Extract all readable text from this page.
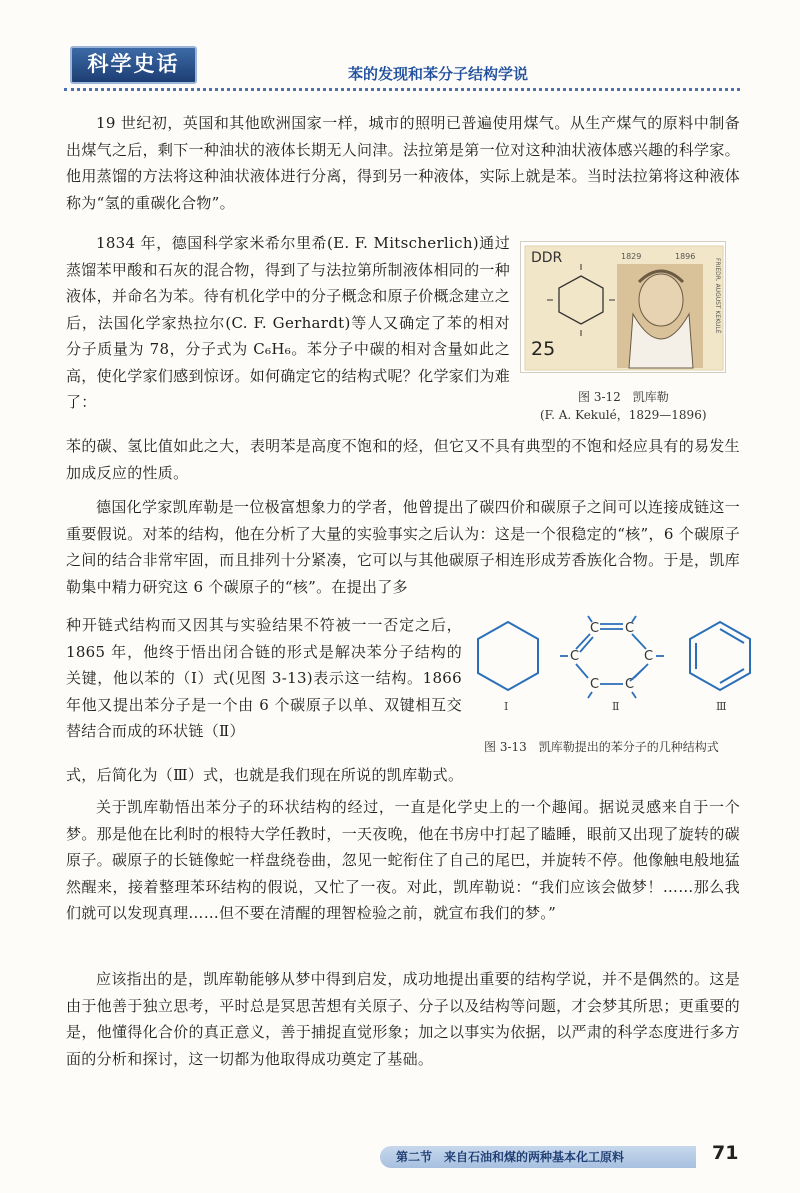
科学史话	苯的发现和苯分子结构学说

19 世纪初，英国和其他欧洲国家一样，城市的照明已普遍使用煤气。从生产煤气的原料中制备出煤气之后，剩下一种油状的液体长期无人问津。法拉第是第一位对这种油状液体感兴趣的科学家。他用蒸馏的方法将这种油状液体进行分离，得到另一种液体，实际上就是苯。当时法拉第将这种液体称为“氢的重碳化合物”。

1834 年，德国科学家米希尔里希(E. F. Mitscherlich)通过蒸馏苯甲酸和石灰的混合物，得到了与法拉第所制液体相同的一种液体，并命名为苯。待有机化学中的分子概念和原子价概念建立之后，法国化学家热拉尔(C. F. Gerhardt)等人又确定了苯的相对分子质量为 78，分子式为 C₆H₆。苯分子中碳的相对含量如此之高，使化学家们感到惊讶。如何确定它的结构式呢？化学家们为难了：

DDR	1829	1896
25
FRIEDR. AUGUST KEKULÉ
图 3-12　凯库勒
(F. A. Kekulé，1829—1896)

苯的碳、氢比值如此之大，表明苯是高度不饱和的烃，但它又不具有典型的不饱和烃应具有的易发生加成反应的性质。

德国化学家凯库勒是一位极富想象力的学者，他曾提出了碳四价和碳原子之间可以连接成链这一重要假说。对苯的结构，他在分析了大量的实验事实之后认为：这是一个很稳定的“核”，6 个碳原子之间的结合非常牢固，而且排列十分紧凑，它可以与其他碳原子相连形成芳香族化合物。于是，凯库勒集中精力研究这 6 个碳原子的“核”。在提出了多

种开链式结构而又因其与实验结果不符被一一否定之后，1865 年，他终于悟出闭合链的形式是解决苯分子结构的关键，他以苯的（Ⅰ）式(见图 3-13)表示这一结构。1866 年他又提出苯分子是一个由 6 个碳原子以单、双键相互交替结合而成的环状链（Ⅱ）

C C
C	C
C C
Ⅰ	Ⅱ	Ⅲ
图 3-13　凯库勒提出的苯分子的几种结构式

式，后简化为（Ⅲ）式，也就是我们现在所说的凯库勒式。

关于凯库勒悟出苯分子的环状结构的经过，一直是化学史上的一个趣闻。据说灵感来自于一个梦。那是他在比利时的根特大学任教时，一天夜晚，他在书房中打起了瞌睡，眼前又出现了旋转的碳原子。碳原子的长链像蛇一样盘绕卷曲，忽见一蛇衔住了自己的尾巴，并旋转不停。他像触电般地猛然醒来，接着整理苯环结构的假说，又忙了一夜。对此，凯库勒说：“我们应该会做梦！……那么我们就可以发现真理……但不要在清醒的理智检验之前，就宣布我们的梦。”

应该指出的是，凯库勒能够从梦中得到启发，成功地提出重要的结构学说，并不是偶然的。这是由于他善于独立思考，平时总是冥思苦想有关原子、分子以及结构等问题，才会梦其所思；更重要的是，他懂得化合价的真正意义，善于捕捉直觉形象；加之以事实为依据，以严肃的科学态度进行多方面的分析和探讨，这一切都为他取得成功奠定了基础。

第二节　来自石油和煤的两种基本化工原料	71
